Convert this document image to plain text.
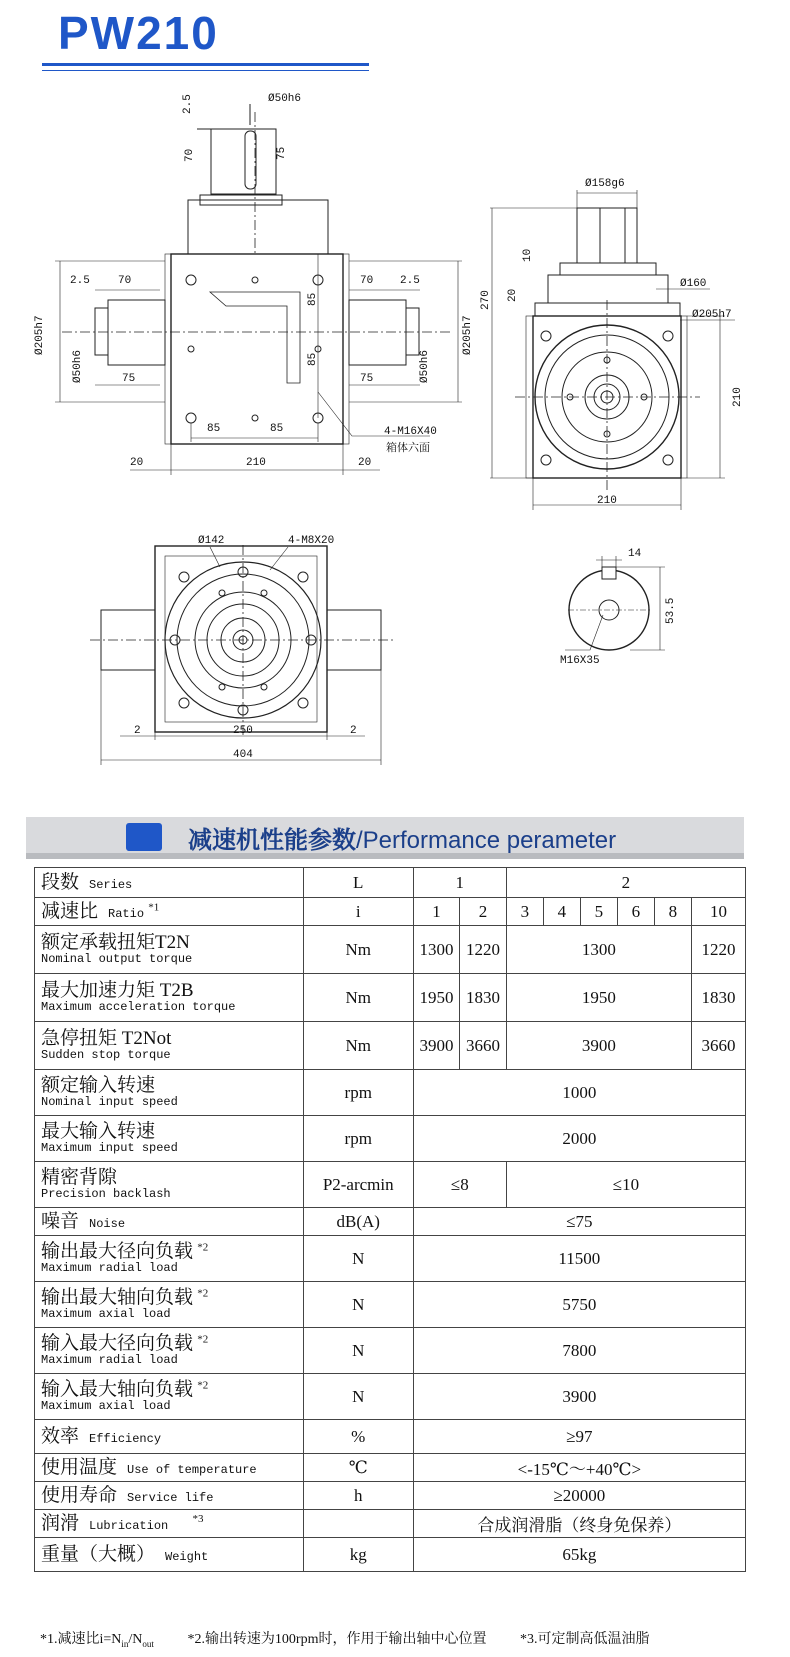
PW210
Ø50h6
2.5
70	75
2.5	70
75
Ø205h7
Ø50h6
70 2.5
75
Ø205h7
Ø50h6
85
85
85	85
20	210	20
4-M16X40
箱体六面
Ø158g6
10
Ø160
270 20
Ø205h7
210
210
Ø142	4-M8X20
2	250	2
404
14
53.5
M16X35
减速机性能参数/Performance perameter
段数 Series	L	1		2					
减速比 Ratio $^{*1}$	i	1	2	3	4	5	6	8	10

额定承载扭矩T2N
Nominal output torque	Nm	1300	1220	1300					1220

最大加速力矩 T2B
Maximum acceleration torque	Nm	1950	1830	1950					1830

急停扭矩 T2Not
Sudden stop torque	Nm	3900	3660	3900					3660

额定输入转速
Nominal input speed	rpm	1000							

最大输入转速
Maximum input speed	rpm	2000							

精密背隙
Precision backlash	P2-arcmin	≤8		≤10					
噪音 Noise	dB(A)	≤75							

输出最大径向负载 $^{*2}$
Maximum radial load	N	11500							

输出最大轴向负载 $^{*2}$
Maximum axial load	N	5750							

输入最大径向负载 $^{*2}$
Maximum radial load	N	7800							

输入最大轴向负载 $^{*2}$
Maximum axial load	N	3900							
效率 Efficiency	%	≥97							
使用温度 Use of temperature	℃	<-15℃～+40℃>							
使用寿命 Service life	h	≥20000							
润滑 Lubrication $^{*3}$		合成润滑脂（终身免保养）							
重量（大概） Weight	kg	65kg							
*1.减速比$i=N_{in}/N_{out}$ *2.输出转速为100rpm时，作用于输出轴中心位置 *3.可定制高低温油脂
